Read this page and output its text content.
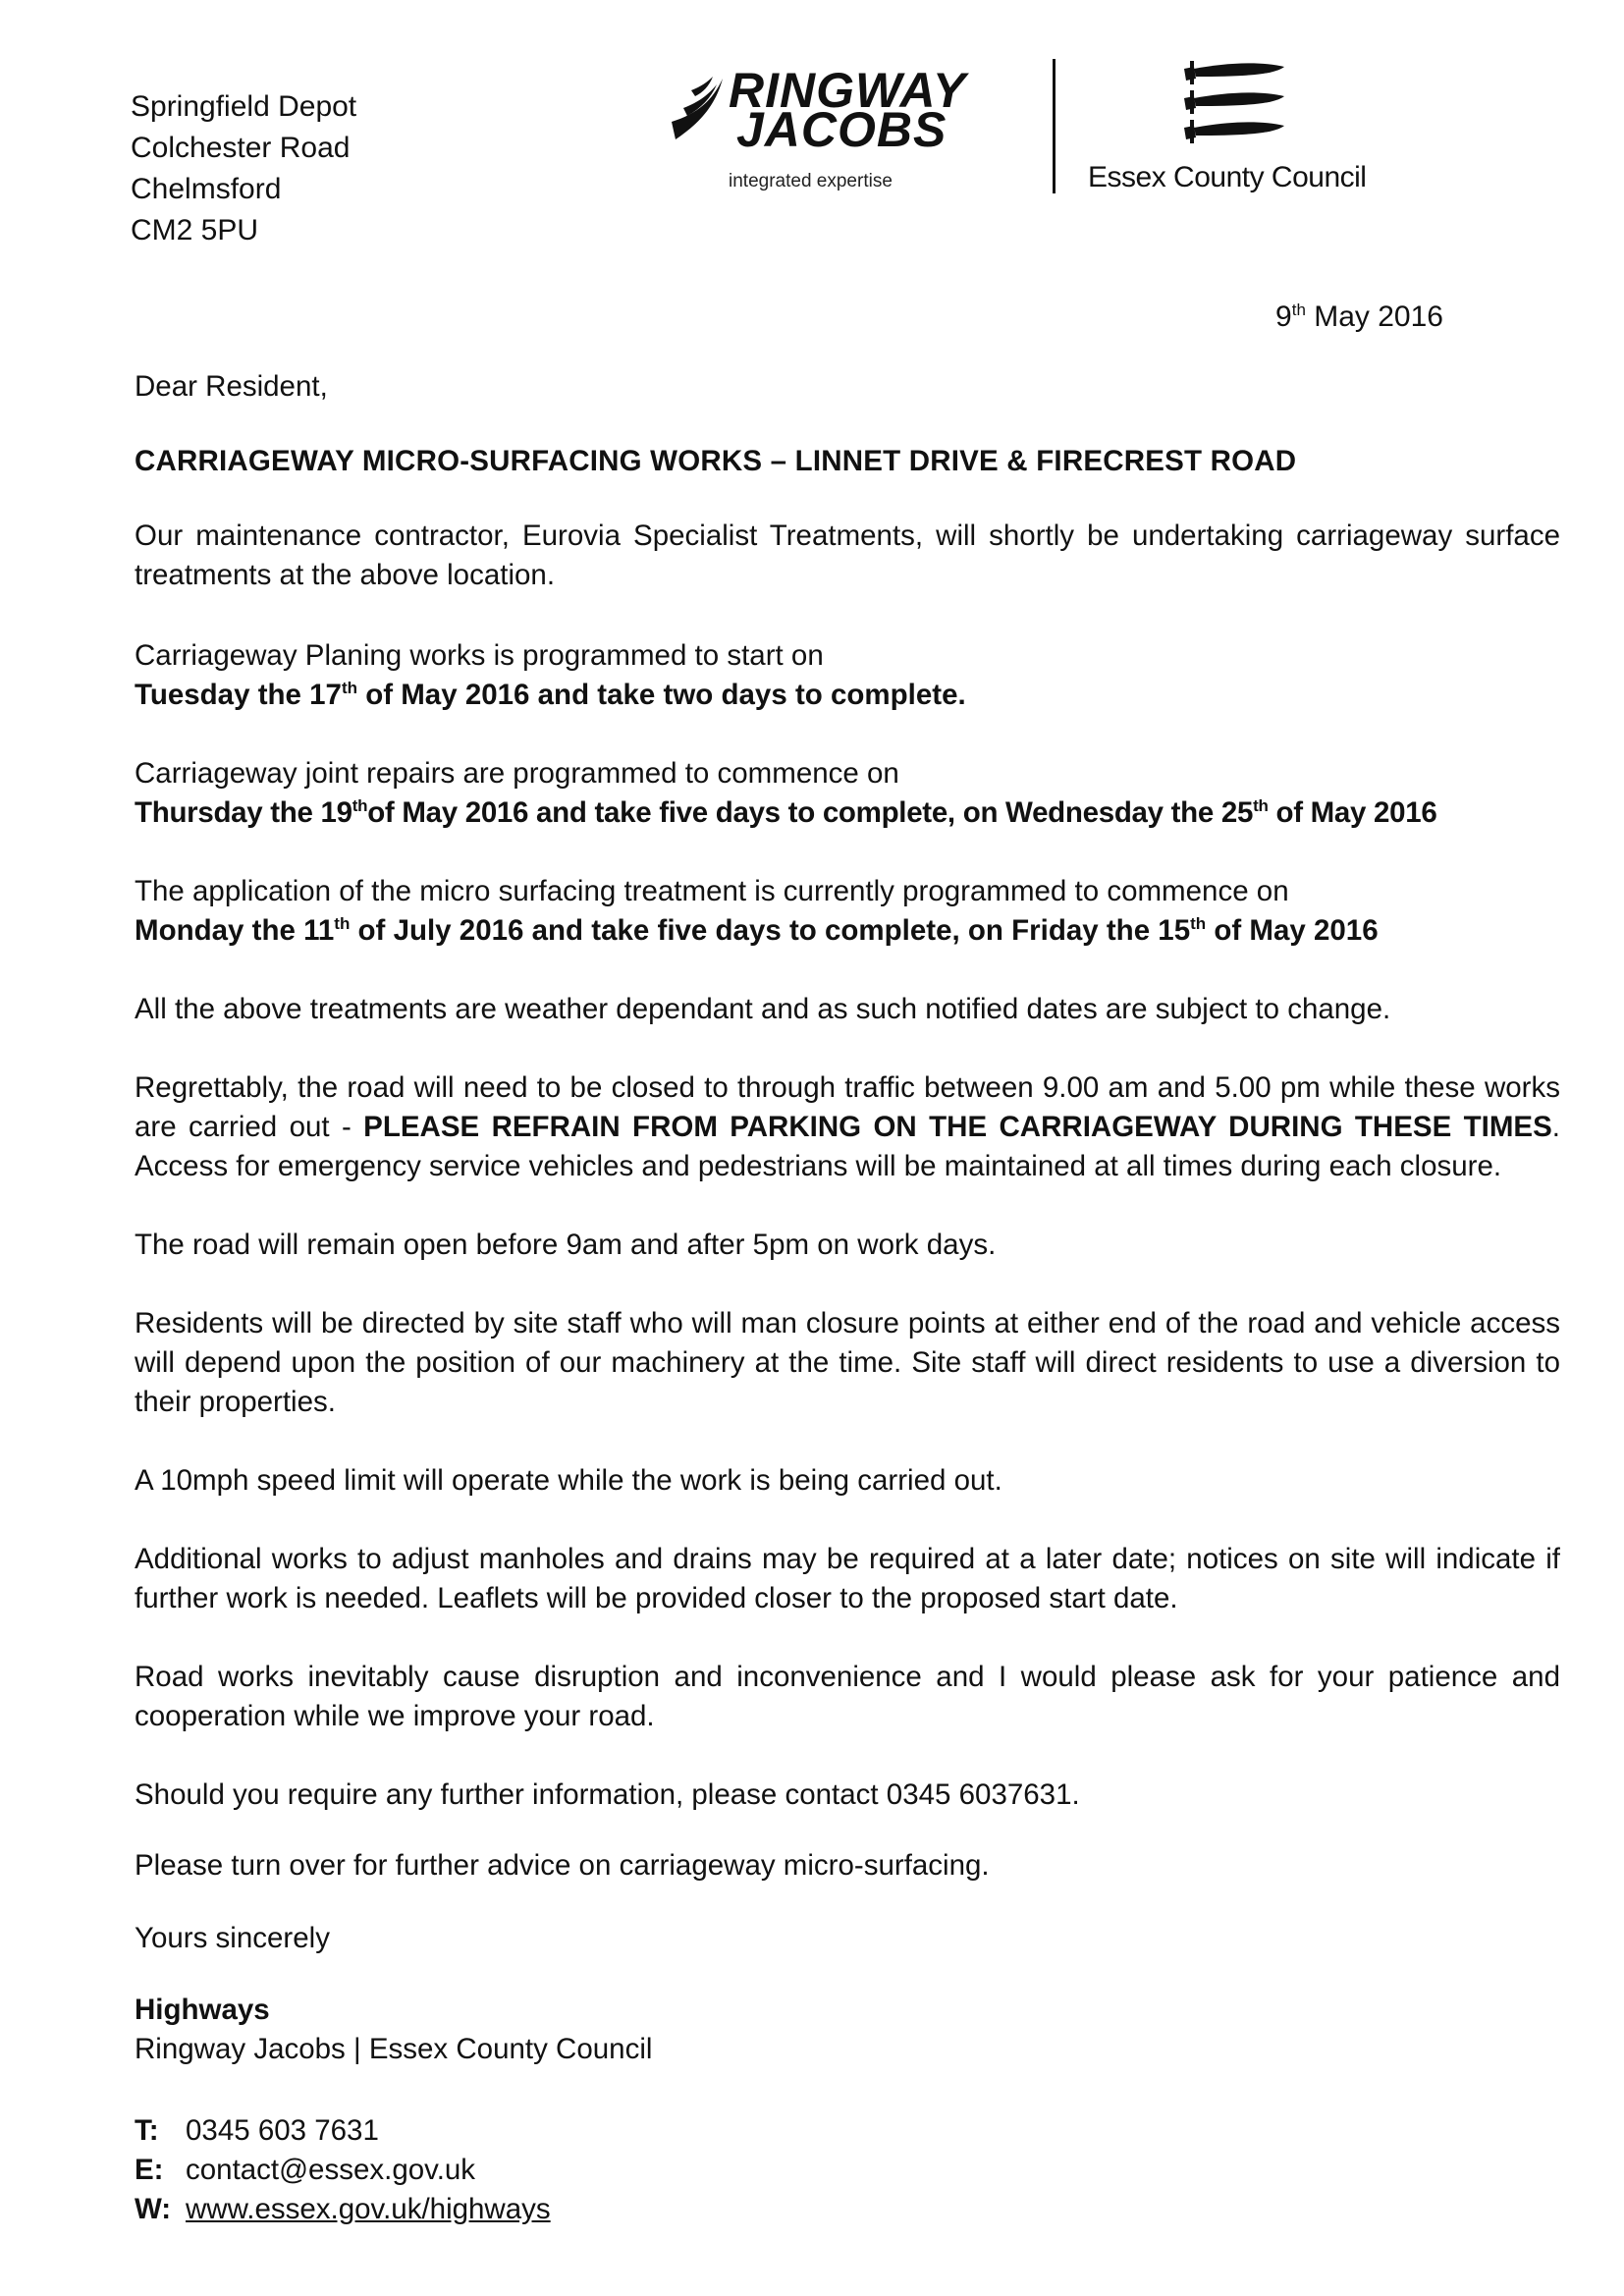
Springfield Depot
Colchester Road
Chelmsford
CM2 5PU
RINGWAY
JACOBS
integrated expertise	Essex County Council
9th May 2016
Dear Resident,
CARRIAGEWAY MICRO-SURFACING WORKS – LINNET DRIVE & FIRECREST ROAD
Our maintenance contractor, Eurovia Specialist Treatments, will shortly be undertaking carriageway surface treatments at the above location.
Carriageway Planing works is programmed to start on
Tuesday the 17th of May 2016 and take two days to complete.
Carriageway joint repairs are programmed to commence on
Thursday the 19thof May 2016 and take five days to complete, on Wednesday the 25th of May 2016
The application of the micro surfacing treatment is currently programmed to commence on
Monday the 11th of July 2016 and take five days to complete, on Friday the 15th of May 2016
All the above treatments are weather dependant and as such notified dates are subject to change.
Regrettably, the road will need to be closed to through traffic between 9.00 am and 5.00 pm while these works are carried out - PLEASE REFRAIN FROM PARKING ON THE CARRIAGEWAY DURING THESE TIMES. Access for emergency service vehicles and pedestrians will be maintained at all times during each closure.
The road will remain open before 9am and after 5pm on work days.
Residents will be directed by site staff who will man closure points at either end of the road and vehicle access will depend upon the position of our machinery at the time. Site staff will direct residents to use a diversion to their properties.
A 10mph speed limit will operate while the work is being carried out.
Additional works to adjust manholes and drains may be required at a later date; notices on site will indicate if further work is needed. Leaflets will be provided closer to the proposed start date.
Road works inevitably cause disruption and inconvenience and I would please ask for your patience and cooperation while we improve your road.
Should you require any further information, please contact 0345 6037631.
Please turn over for further advice on carriageway micro-surfacing.
Yours sincerely
Highways
Ringway Jacobs | Essex County Council
T: 0345 603 7631
E: contact@essex.gov.uk
W: www.essex.gov.uk/highways
